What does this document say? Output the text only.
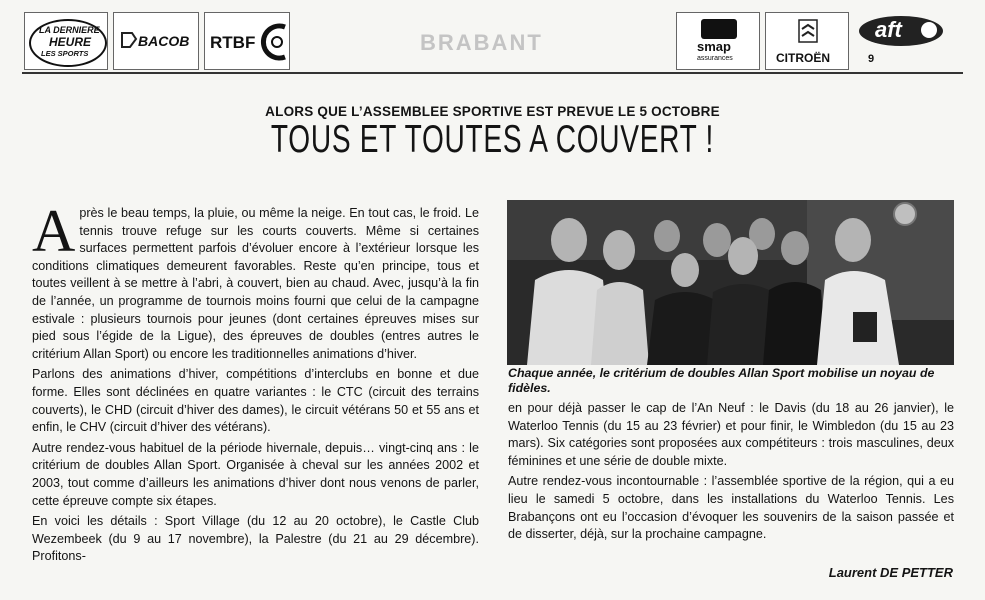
LA DERNIERE
HEURE
LES SPORTS
BACOB RTBF	BRABANT	smap
assurances	CITROËN
aft
9
ALORS QUE L’ASSEMBLEE SPORTIVE EST PREVUE LE 5 OCTOBRE
TOUS ET TOUTES A COUVERT !

Après le beau temps, la pluie, ou même la neige. En tout cas, le froid. Le tennis trouve refuge sur les courts couverts. Même si certaines surfaces permettent parfois d’évoluer encore à l’extérieur lorsque les conditions climatiques demeurent favorables. Reste qu’en principe, tous et toutes veillent à se mettre à l’abri, à couvert, bien au chaud. Avec, jusqu’à la fin de l’année, un programme de tournois moins fourni que celui de la campagne estivale : plusieurs tournois pour jeunes (dont certaines épreuves mises sur pied sous l’égide de la Ligue), des épreuves de doubles (entres autres le critérium Allan Sport) ou encore les traditionnelles animations d’hiver.

Parlons des animations d’hiver, compétitions d’interclubs en bonne et due forme. Elles sont déclinées en quatre variantes : le CTC (circuit des terrains couverts), le CHD (circuit d’hiver des dames), le circuit vétérans 50 et 55 ans et enfin, le CHV (circuit d’hiver des vétérans).

Autre rendez-vous habituel de la période hivernale, depuis… vingt-cinq ans : le critérium de doubles Allan Sport. Organisée à cheval sur les années 2002 et 2003, tout comme d’ailleurs les animations d’hiver dont nous venons de parler, cette épreuve compte six étapes.

En voici les détails : Sport Village (du 12 au 20 octobre), le Castle Club Wezembeek (du 9 au 17 novembre), la Palestre (du 21 au 29 décembre). Profitons-

Chaque année, le critérium de doubles Allan Sport mobilise un noyau de fidèles.

en pour déjà passer le cap de l’An Neuf : le Davis (du 18 au 26 janvier), le Waterloo Tennis (du 15 au 23 février) et pour finir, le Wimbledon (du 15 au 23 mars). Six catégories sont proposées aux compétiteurs : trois masculines, deux féminines et une série de double mixte.

Autre rendez-vous incontournable : l’assemblée sportive de la région, qui a eu lieu le samedi 5 octobre, dans les installations du Waterloo Tennis. Les Brabançons ont eu l’occasion d’évoquer les souvenirs de la saison passée et de disserter, déjà, sur la prochaine campagne.

Laurent DE PETTER
